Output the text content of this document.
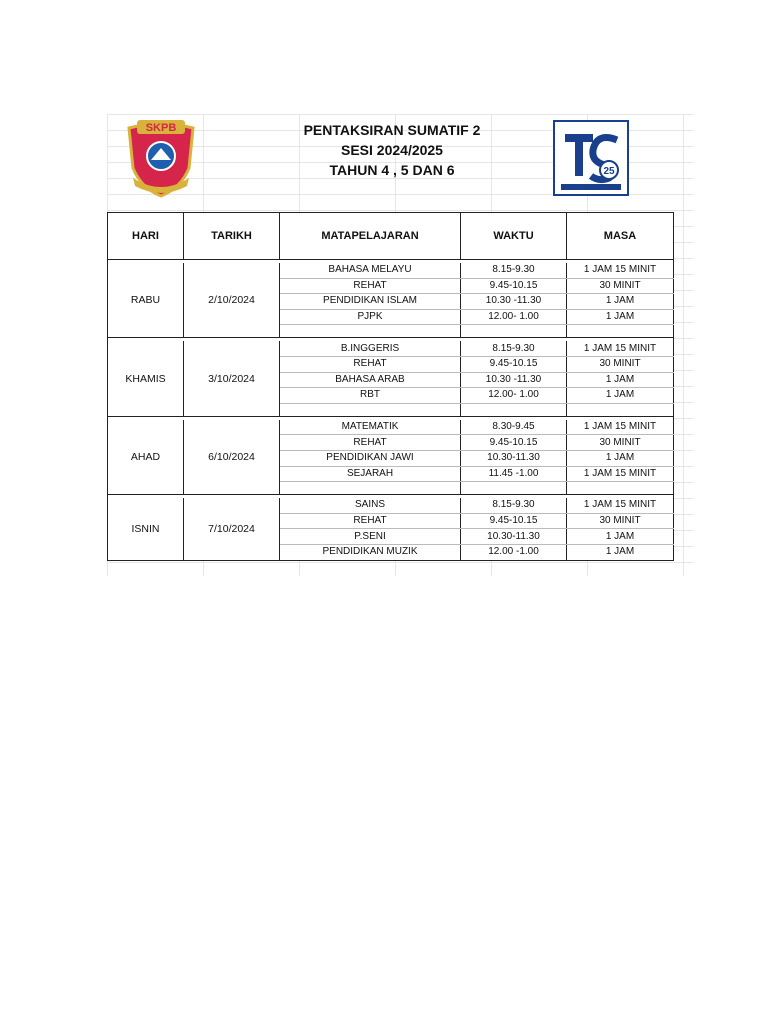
SKPB	PENTAKSIRAN SUMATIF 2
SESI 2024/2025
TAHUN 4 , 5 DAN 6	25
HARI	TARIKH	MATAPELAJARAN	WAKTU	MASA

RABU	2/10/2024	BAHASA MELAYU	8.15-9.30	1 JAM 15 MINIT
		REHAT	9.45-10.15	30 MINIT
		PENDIDIKAN ISLAM	10.30 -11.30	1 JAM
		PJPK	12.00- 1.00	1 JAM

KHAMIS	3/10/2024	B.INGGERIS	8.15-9.30	1 JAM 15 MINIT
		REHAT	9.45-10.15	30 MINIT
		BAHASA ARAB	10.30 -11.30	1 JAM
		RBT	12.00- 1.00	1 JAM

AHAD	6/10/2024	MATEMATIK	8.30-9.45	1 JAM 15 MINIT
		REHAT	9.45-10.15	30 MINIT
		PENDIDIKAN JAWI	10.30-11.30	1 JAM
		SEJARAH	11.45 -1.00	1 JAM 15 MINIT

ISNIN	7/10/2024	SAINS	8.15-9.30	1 JAM 15 MINIT
		REHAT	9.45-10.15	30 MINIT
		P.SENI	10.30-11.30	1 JAM
		PENDIDIKAN MUZIK	12.00 -1.00	1 JAM
